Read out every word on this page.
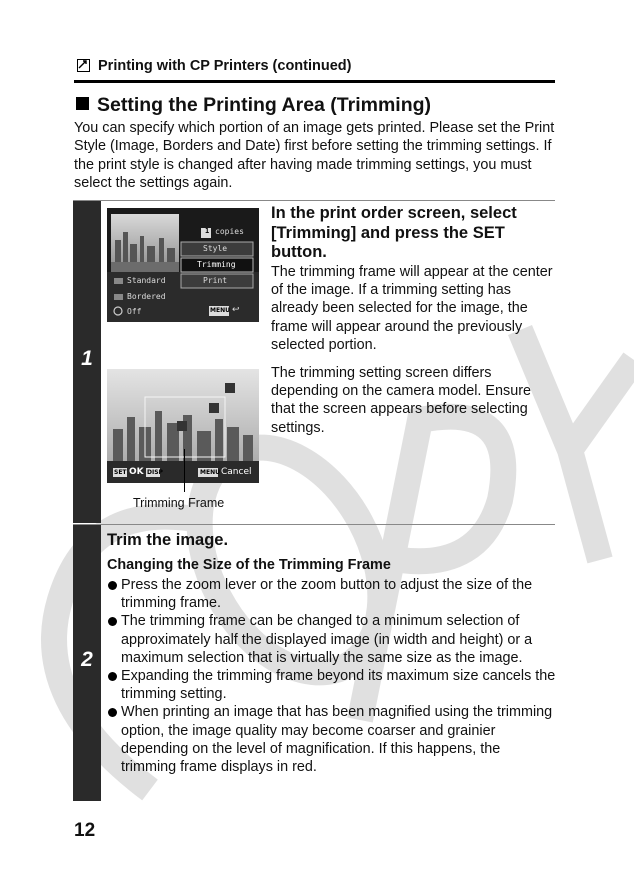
Printing with CP Printers (continued)
Setting the Printing Area (Trimming)
You can specify which portion of an image gets printed. Please set the Print Style (Image, Borders and Date) first before setting the trimming settings. If the print style is changed after having made trimming settings, you must select the settings again.
1
1 copies
Style
Trimming
Print
Standard
Bordered
Off	MENU ↩
SET OK DISP	MENU Cancel
In the print order screen, select [Trimming] and press the SET button.
The trimming frame will appear at the center of the image. If a trimming setting has already been selected for the image, the frame will appear around the previously selected portion.
The trimming setting screen differs depending on the camera model. Ensure that the screen appears before selecting settings.
Trimming Frame
2
Trim the image.
Changing the Size of the Trimming Frame
Press the zoom lever or the zoom button to adjust the size of the trimming frame.
The trimming frame can be changed to a minimum selection of approximately half the displayed image (in width and height) or a maximum selection that is virtually the same size as the image.
Expanding the trimming frame beyond its maximum size cancels the trimming setting.
When printing an image that has been magnified using the trimming option, the image quality may become coarser and grainier depending on the level of magnification. If this happens, the trimming frame displays in red.
12
